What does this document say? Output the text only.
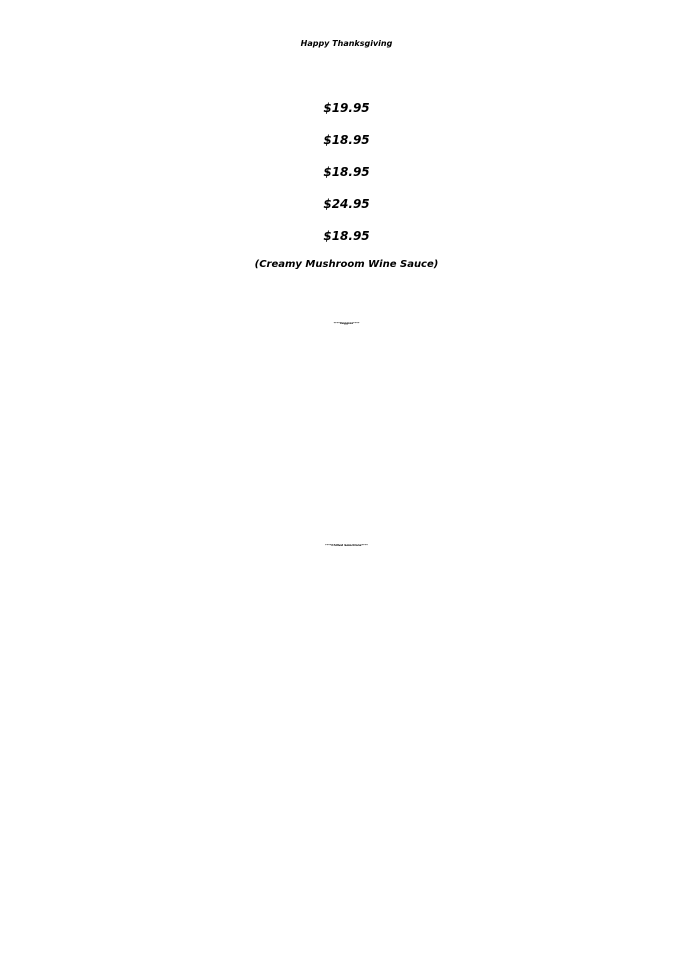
Happy Thanksgiving
$19.95
$18.95
$18.95
$24.95
$18.95
(Creamy Mushroom Wine Sauce)
****Veggies****
****Chilled Selections****
